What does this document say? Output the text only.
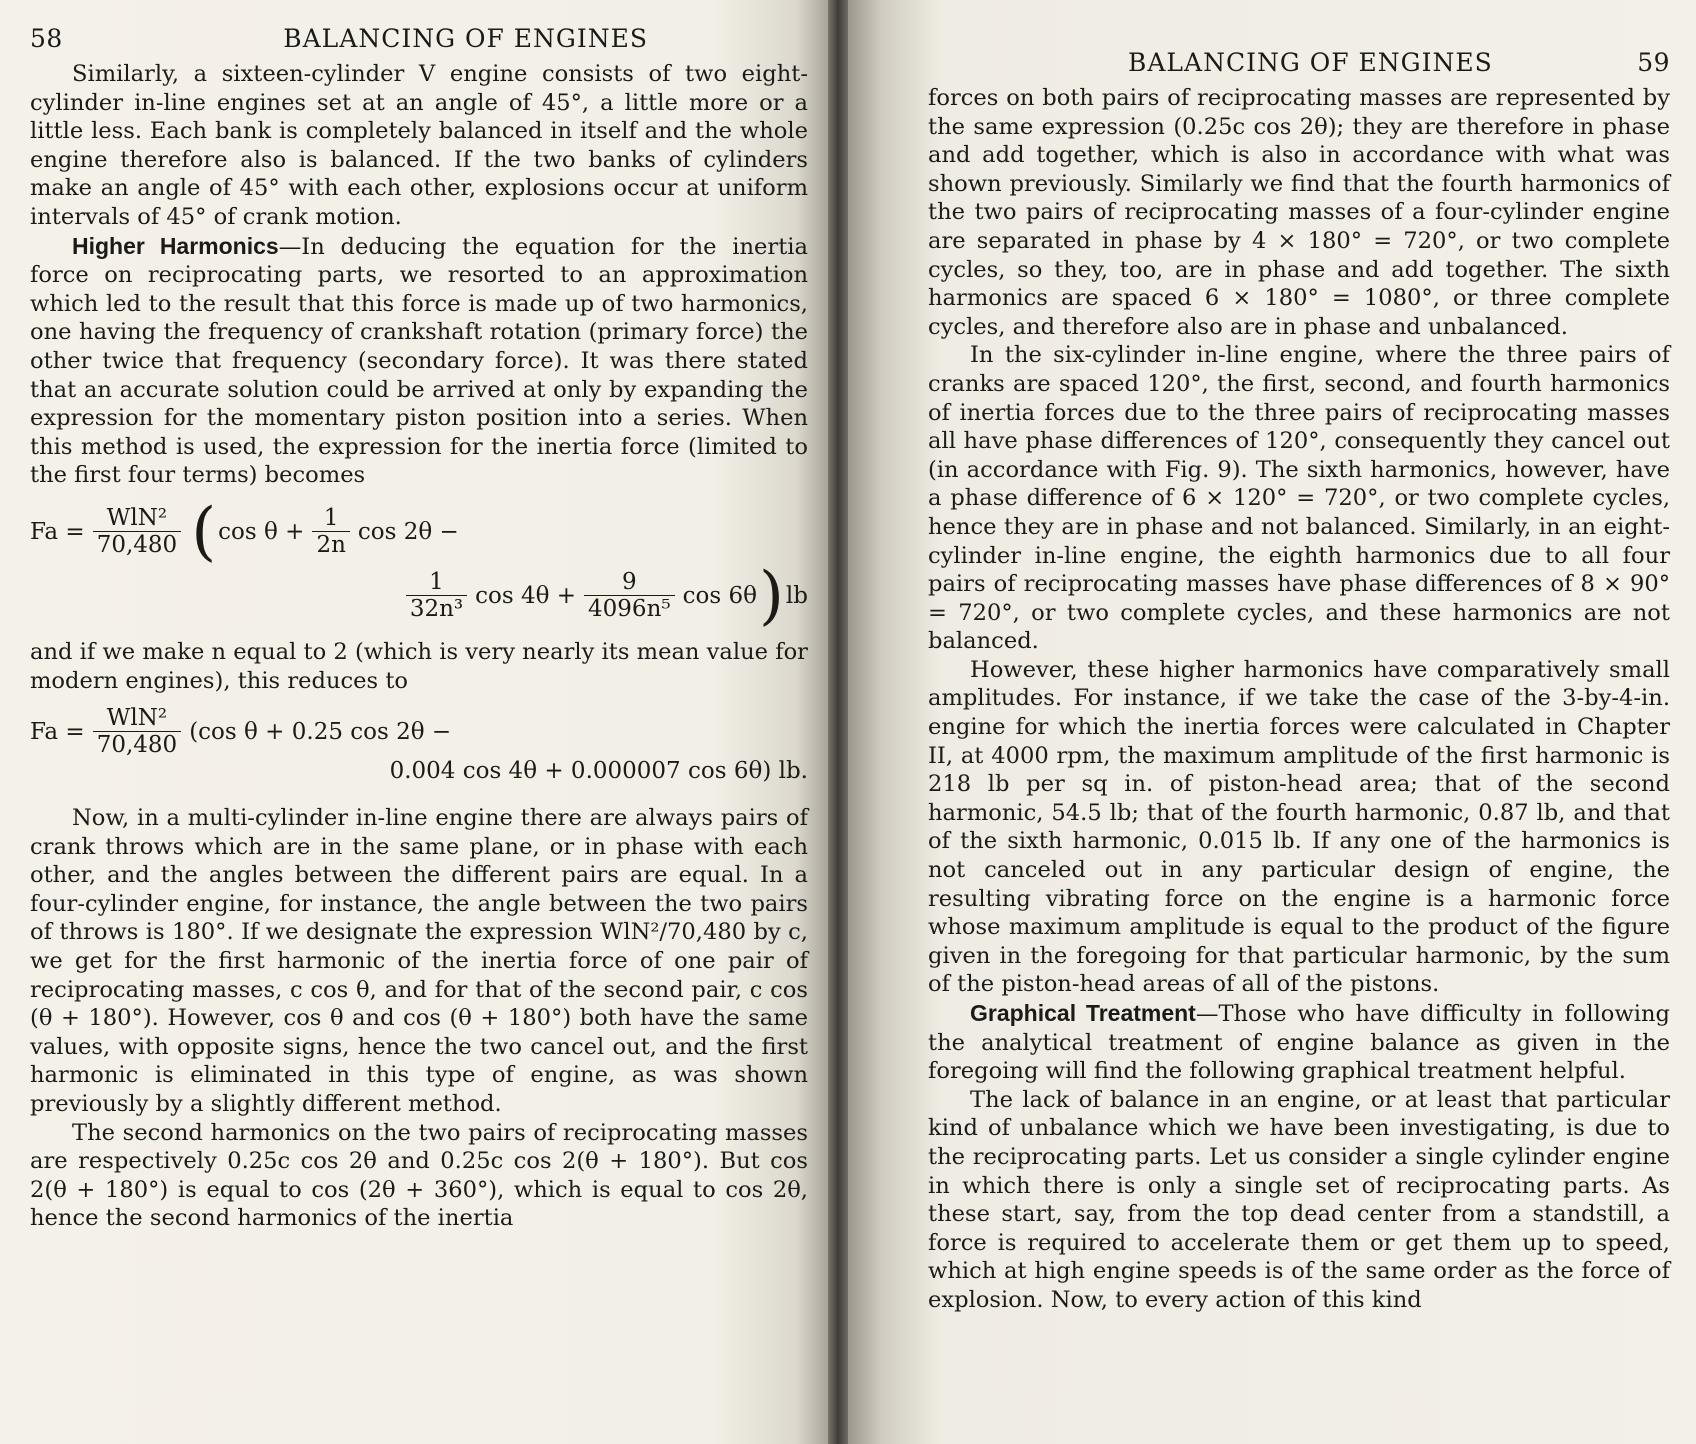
58	BALANCING OF ENGINES

Similarly, a sixteen-cylinder V engine consists of two eight-cylinder in-line engines set at an angle of 45°, a little more or a little less. Each bank is completely balanced in itself and the whole engine therefore also is balanced. If the two banks of cylinders make an angle of 45° with each other, explosions occur at uniform intervals of 45° of crank motion.

Higher Harmonics—In deducing the equation for the inertia force on reciprocating parts, we resorted to an approximation which led to the result that this force is made up of two harmonics, one having the frequency of crankshaft rotation (primary force) the other twice that frequency (secondary force). It was there stated that an accurate solution could be arrived at only by expanding the expression for the momentary piston position into a series. When this method is used, the expression for the inertia force (limited to the first four terms) becomes

$Fa = \frac{\text{WlN²}}{70,480}$ ( $\cos \theta + \frac{1}{2n}$ cos 2θ −
$\frac{1}{\text{32n³}}$ $\cos 4\theta + \frac{9}{\text{4096n⁵}}$ cos 6θ ) lb

and if we make n equal to 2 (which is very nearly its mean value for modern engines), this reduces to

$Fa = \frac{\text{WlN²}}{70,480} (\cos$ θ + 0.25 cos 2θ −
0.004 cos 4θ + 0.000007 cos 6θ) lb.

Now, in a multi-cylinder in-line engine there are always pairs of crank throws which are in the same plane, or in phase with each other, and the angles between the different pairs are equal. In a four-cylinder engine, for instance, the angle between the two pairs of throws is 180°. If we designate the expression WlN²/70,480 by c, we get for the first harmonic of the inertia force of one pair of reciprocating masses, c cos θ, and for that of the second pair, c cos (θ + 180°). However, cos θ and cos (θ + 180°) both have the same values, with opposite signs, hence the two cancel out, and the first harmonic is eliminated in this type of engine, as was shown previously by a slightly different method.

The second harmonics on the two pairs of reciprocating masses are respectively 0.25c cos 2θ and 0.25c cos 2(θ + 180°). But cos 2(θ + 180°) is equal to cos (2θ + 360°), which is equal to cos 2θ, hence the second harmonics of the inertia

BALANCING OF ENGINES	59

forces on both pairs of reciprocating masses are represented by the same expression (0.25c cos 2θ); they are therefore in phase and add together, which is also in accordance with what was shown previously. Similarly we find that the fourth harmonics of the two pairs of reciprocating masses of a four-cylinder engine are separated in phase by 4 × 180° = 720°, or two complete cycles, so they, too, are in phase and add together. The sixth harmonics are spaced 6 × 180° = 1080°, or three complete cycles, and therefore also are in phase and unbalanced.

In the six-cylinder in-line engine, where the three pairs of cranks are spaced 120°, the first, second, and fourth harmonics of inertia forces due to the three pairs of reciprocating masses all have phase differences of 120°, consequently they cancel out (in accordance with Fig. 9). The sixth harmonics, however, have a phase difference of 6 × 120° = 720°, or two complete cycles, hence they are in phase and not balanced. Similarly, in an eight-cylinder in-line engine, the eighth harmonics due to all four pairs of reciprocating masses have phase differences of 8 × 90° = 720°, or two complete cycles, and these harmonics are not balanced.

However, these higher harmonics have comparatively small amplitudes. For instance, if we take the case of the 3-by-4-in. engine for which the inertia forces were calculated in Chapter II, at 4000 rpm, the maximum amplitude of the first harmonic is 218 lb per sq in. of piston-head area; that of the second harmonic, 54.5 lb; that of the fourth harmonic, 0.87 lb, and that of the sixth harmonic, 0.015 lb. If any one of the harmonics is not canceled out in any particular design of engine, the resulting vibrating force on the engine is a harmonic force whose maximum amplitude is equal to the product of the figure given in the foregoing for that particular harmonic, by the sum of the piston-head areas of all of the pistons.

Graphical Treatment—Those who have difficulty in following the analytical treatment of engine balance as given in the foregoing will find the following graphical treatment helpful.

The lack of balance in an engine, or at least that particular kind of unbalance which we have been investigating, is due to the reciprocating parts. Let us consider a single cylinder engine in which there is only a single set of reciprocating parts. As these start, say, from the top dead center from a standstill, a force is required to accelerate them or get them up to speed, which at high engine speeds is of the same order as the force of explosion. Now, to every action of this kind
